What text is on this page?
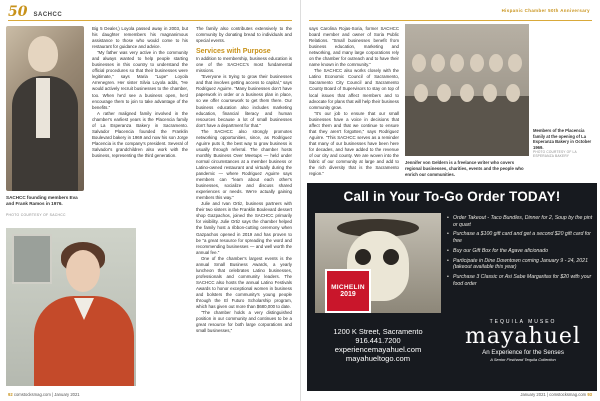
50 SACHCC
SACHCC founding members Eva and Frank Ramos in 1976.
PHOTO COURTESY OF SACHCC

Big 5 Dealer,) Loyola passed away in 2003, but his daughter remembers his magnanimous assistance to those who would come to his restaurant for guidance and advice.

"My father was very active in the community and always wanted to help people starting businesses in this country to understand the official procedures so that their businesses were legitimate," says Maria "Lupe" Loyola Arrenegren. Her sister Silvia Loyola adds, "He would actively recruit businesses to the chamber, too. When he'd see a business open, he'd encourage them to join to take advantage of the benefits."

A rather maligned family involved in the chamber's earliest years is the Placencia family of La Esperanza Bakery in Sacramento. Salvador Placencia founded the Franklin Boulevard bakery in 1969 and now his son Jorge Placencia is the company's president. Several of Salvador's grandchildren also work with the business, representing the third generation.

The family also contributes extensively to the community by donating bread to individuals and special events.

Services with Purpose

In addition to membership, business education is one of the SACHCC's most fundamental missions.

"Everyone is trying to grow their businesses and that involves getting access to capital," says Rodriguez Aguirre. "Many businesses don't have paperwork in order or a business plan in place, so we offer coursework to get them there. Our business education also includes marketing education, financial literacy and human resources because a lot of small businesses don't have a department for that."

The SACHCC also strongly promotes networking opportunities, since, as Rodriguez Aguirre puts it, the best way to grow business is usually through referral. The chamber hosts monthly Business Over Meetups — held under normal circumstances at a member business or Latino-owned restaurant and virtually during the pandemic — where Rodriguez Aguirre says members can "learn about each other's businesses, socialize and discuss shared experiences or needs. We're actually gaining members this way."

Julie and Ivan Ortiz, business partners with their two sisters in the Franklin Boulevard dessert shop Gazpachos, joined the SACHCC primarily for visibility. Julie Ortiz says the chamber helped the family host a ribbon-cutting ceremony when Gazpachos opened in 2019 and has proven to be "a great resource for spreading the word and recommending businesses — and well worth the annual fee."

One of the chamber's largest events is the annual Small Business Awards, a yearly luncheon that celebrates Latino businesses, professionals and community leaders. The SACHCC also hosts the annual Latino Festivals Awards to honor exceptional women in business and bolsters the community's young people through the El Futuro Scholarship program, which has given out more than $680,000 to date.

"The chamber holds a very distinguished position in our community and continues to be a great resource for both large corporations and small businesses,"

92 comstocksmag.com | January 2021
Hispanic Chamber 50th Anniversary

says Carolina Rojas-Soria, former SACHCC board member and owner of Soria Public Relations. "Small businesses benefit from business education, marketing and networking, and many large corporations rely on the chamber for outreach and to have their name known in the community."

The SACHCC also works closely with the Latino Economic Council of Sacramento, Sacramento City Council and Sacramento County Board of Supervisors to stay on top of local issues that affect members and to advocate for plans that will help their business community grow.

"It's our job to ensure that our small businesses have a voice in decisions that affect them and that we continue to ensure that they aren't forgotten," says Rodriguez Aguirre. "This SACHCC serves as a reminder that many of our businesses have been here for decades, and have added to the revenue of our city and county. We are woven into the fabric of our community at large and add to the rich diversity that is the Sacramento region."

Members of the Placencia family at the opening of La Esperanza Bakery in October 1969.
PHOTO COURTESY OF LA ESPERANZA BAKERY
Jennifer von Geldern is a freelance writer who covers regional businesses, charities, events and the people who enrich our communities.
Call in Your To-Go Order TODAY!
MICHELIN
2019
• Order Takeout - Taco Bundles, Dinner for 2, Soup by the pint or quart
• Purchase a $100 gift card and get a second $20 gift card for free
• Buy our Gift Box for the Agave aficionado
• Participate in Dine Downtown coming January 9 - 24, 2021 (takeout available this year)
• Purchase 3 Classic or Asi Sabe Margaritas for $20 with your food order
1200 K Street, Sacramento
916.441.7200
experiencemayahuel.com
mayahueltogo.com
TEQUILA MUSEO
mayahuel
An Experience for the Senses
A Senior Firsthand Tequila Collection
January 2021 | comstocksmag.com 93
